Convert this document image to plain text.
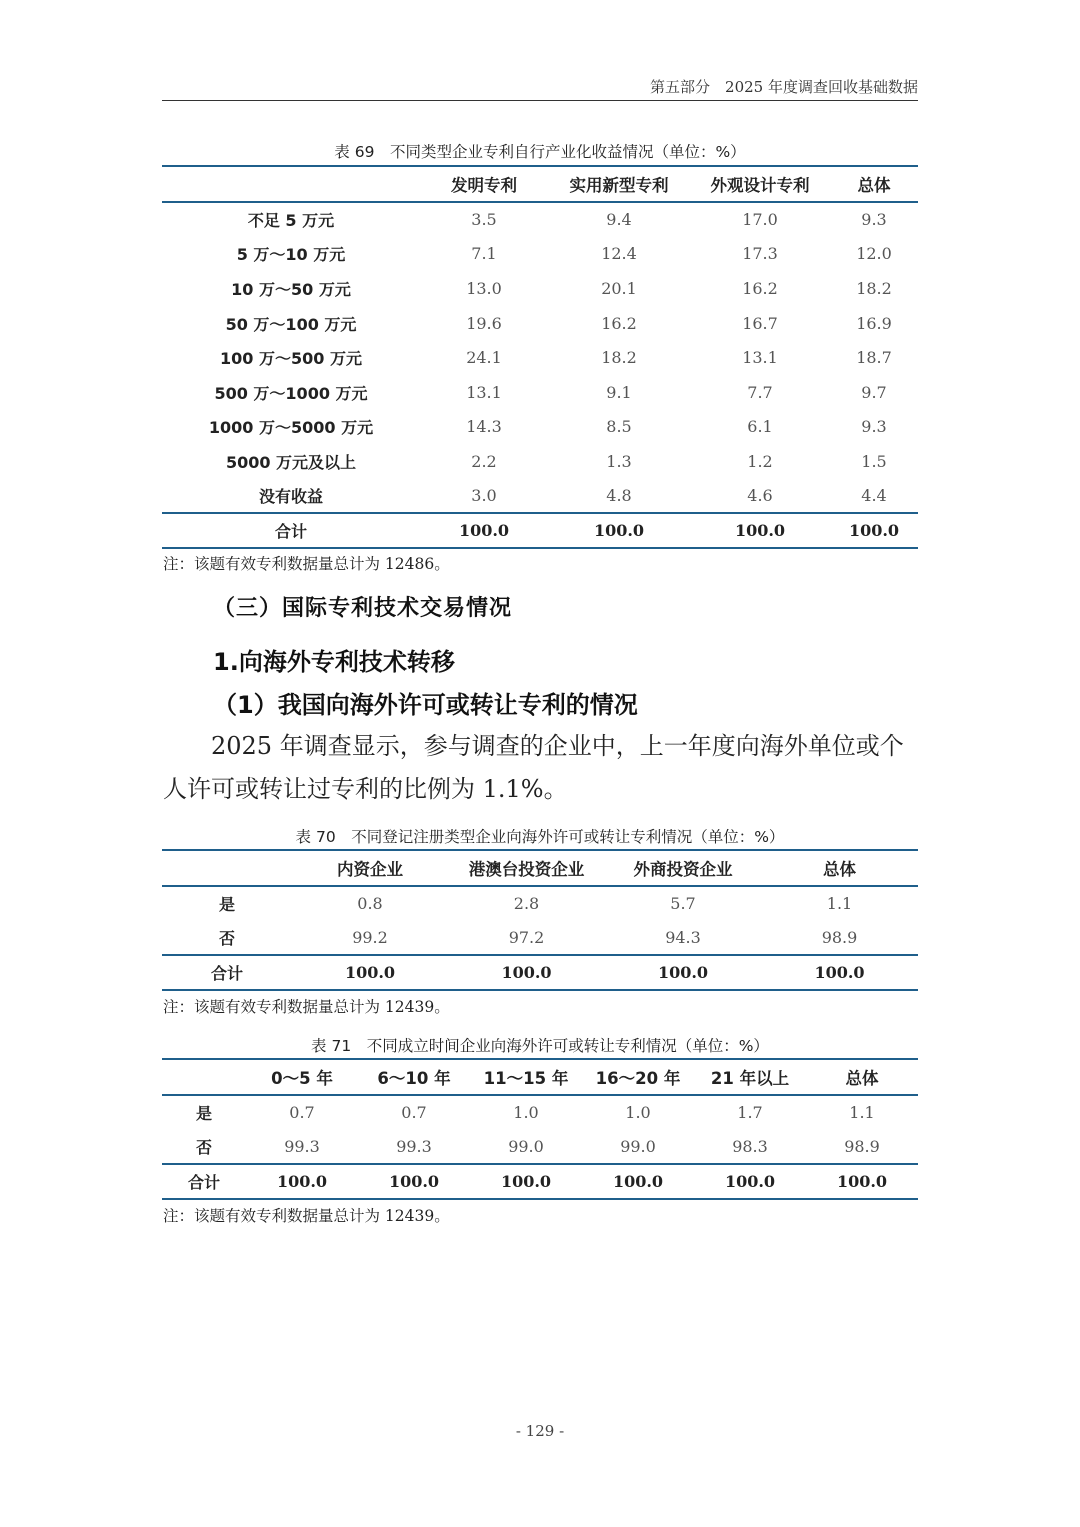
第五部分　2025 年度调查回收基础数据
表 69　不同类型企业专利自行产业化收益情况（单位：%）
	发明专利	实用新型专利	外观设计专利	总体
不足 5 万元	3.5	9.4	17.0	9.3
5 万～10 万元	7.1	12.4	17.3	12.0
10 万～50 万元	13.0	20.1	16.2	18.2
50 万～100 万元	19.6	16.2	16.7	16.9
100 万～500 万元	24.1	18.2	13.1	18.7
500 万～1000 万元	13.1	9.1	7.7	9.7
1000 万～5000 万元	14.3	8.5	6.1	9.3
5000 万元及以上	2.2	1.3	1.2	1.5
没有收益	3.0	4.8	4.6	4.4
合计	100.0	100.0	100.0	100.0
注：该题有效专利数据量总计为 12486。
（三）国际专利技术交易情况
1.向海外专利技术转移
（1）我国向海外许可或转让专利的情况
2025 年调查显示，参与调查的企业中，上一年度向海外单位或个人许可或转让过专利的比例为 1.1%。
表 70　不同登记注册类型企业向海外许可或转让专利情况（单位：%）
	内资企业	港澳台投资企业	外商投资企业	总体
是	0.8	2.8	5.7	1.1
否	99.2	97.2	94.3	98.9
合计	100.0	100.0	100.0	100.0
注：该题有效专利数据量总计为 12439。
表 71　不同成立时间企业向海外许可或转让专利情况（单位：%）
	0～5 年	6～10 年	11～15 年	16～20 年	21 年以上	总体
是	0.7	0.7	1.0	1.0	1.7	1.1
否	99.3	99.3	99.0	99.0	98.3	98.9
合计	100.0	100.0	100.0	100.0	100.0	100.0
注：该题有效专利数据量总计为 12439。
- 129 -
